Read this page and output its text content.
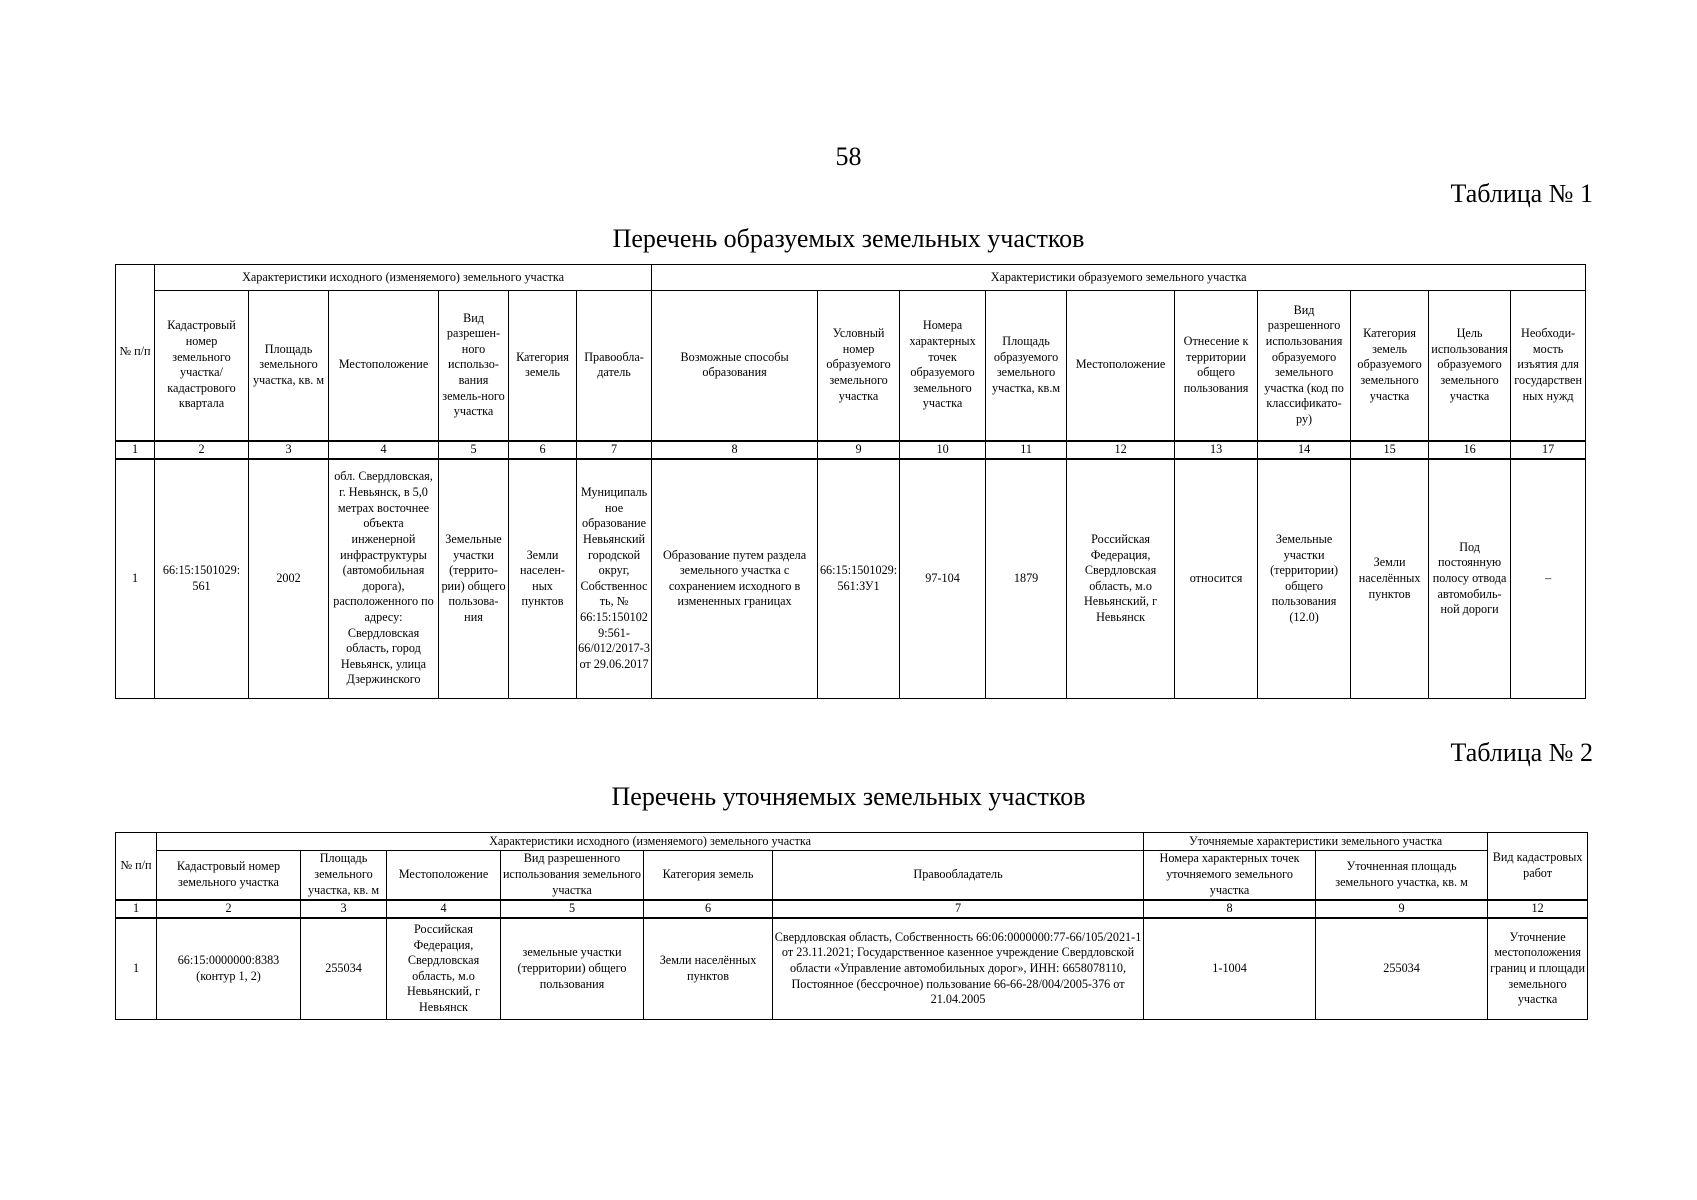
58
Таблица № 1
Перечень образуемых земельных участков
№ п/п	Характеристики исходного (изменяемого) земельного участка						Характеристики образуемого земельного участка									
	Кадастровый номер земельного участка/ кадастрового квартала	Площадь земельного участка, кв. м	Местоположение	Вид разрешен-ного использо-вания земель-ного участка	Категория земель	Правообла-датель	Возможные способы образования	Условный номер образуемого земельного участка	Номера характерных точек образуемого земельного участка	Площадь образуемого земельного участка, кв.м	Местоположение	Отнесение к территории общего пользования	Вид разрешенного использования образуемого земельного участка (код по классификато-ру)	Категория земель образуемого земельного участка	Цель использования образуемого земельного участка	Необходи-мость изъятия для государственных нужд
1	2	3	4	5	6	7	8	9	10	11	12	13	14	15	16	17
1	66:15:1501029: 561	2002	обл. Свердловская, г. Невьянск, в 5,0 метрах восточнее объекта инженерной инфраструктуры (автомобильная дорога), расположенного по адресу: Свердловская область, город Невьянск, улица Дзержинского	Земельные участки (террито-рии) общего пользова-ния	Земли населен-ных пунктов	Муниципальное образование Невьянский городской округ, Собственность, № 66:15:1501029:561-66/012/2017-3 от 29.06.2017	Образование путем раздела земельного участка с сохранением исходного в измененных границах	66:15:1501029:561:ЗУ1	97-104	1879	Российская Федерация, Свердловская область, м.о Невьянский, г Невьянск	относится	Земельные участки (территории) общего пользования (12.0)	Земли населённых пунктов	Под постоянную полосу отвода автомобиль-ной дороги	–
Таблица № 2
Перечень уточняемых земельных участков
№ п/п	Характеристики исходного (изменяемого) земельного участка						Уточняемые характеристики земельного участка		Вид кадастровых работ
	Кадастровый номер земельного участка	Площадь земельного участка, кв. м	Местоположение	Вид разрешенного использования земельного участка	Категория земель	Правообладатель	Номера характерных точек уточняемого земельного участка	Уточненная площадь земельного участка, кв. м	
1	2	3	4	5	6	7	8	9	12
1	66:15:0000000:8383 (контур 1, 2)	255034	Российская Федерация, Свердловская область, м.о Невьянский, г Невьянск	земельные участки (территории) общего пользования	Земли населённых пунктов	Свердловская область, Собственность 66:06:0000000:77-66/105/2021-1 от 23.11.2021; Государственное казенное учреждение Свердловской области «Управление автомобильных дорог», ИНН: 6658078110, Постоянное (бессрочное) пользование 66-66-28/004/2005-376 от 21.04.2005	1-1004	255034	Уточнение местоположения границ и площади земельного участка
